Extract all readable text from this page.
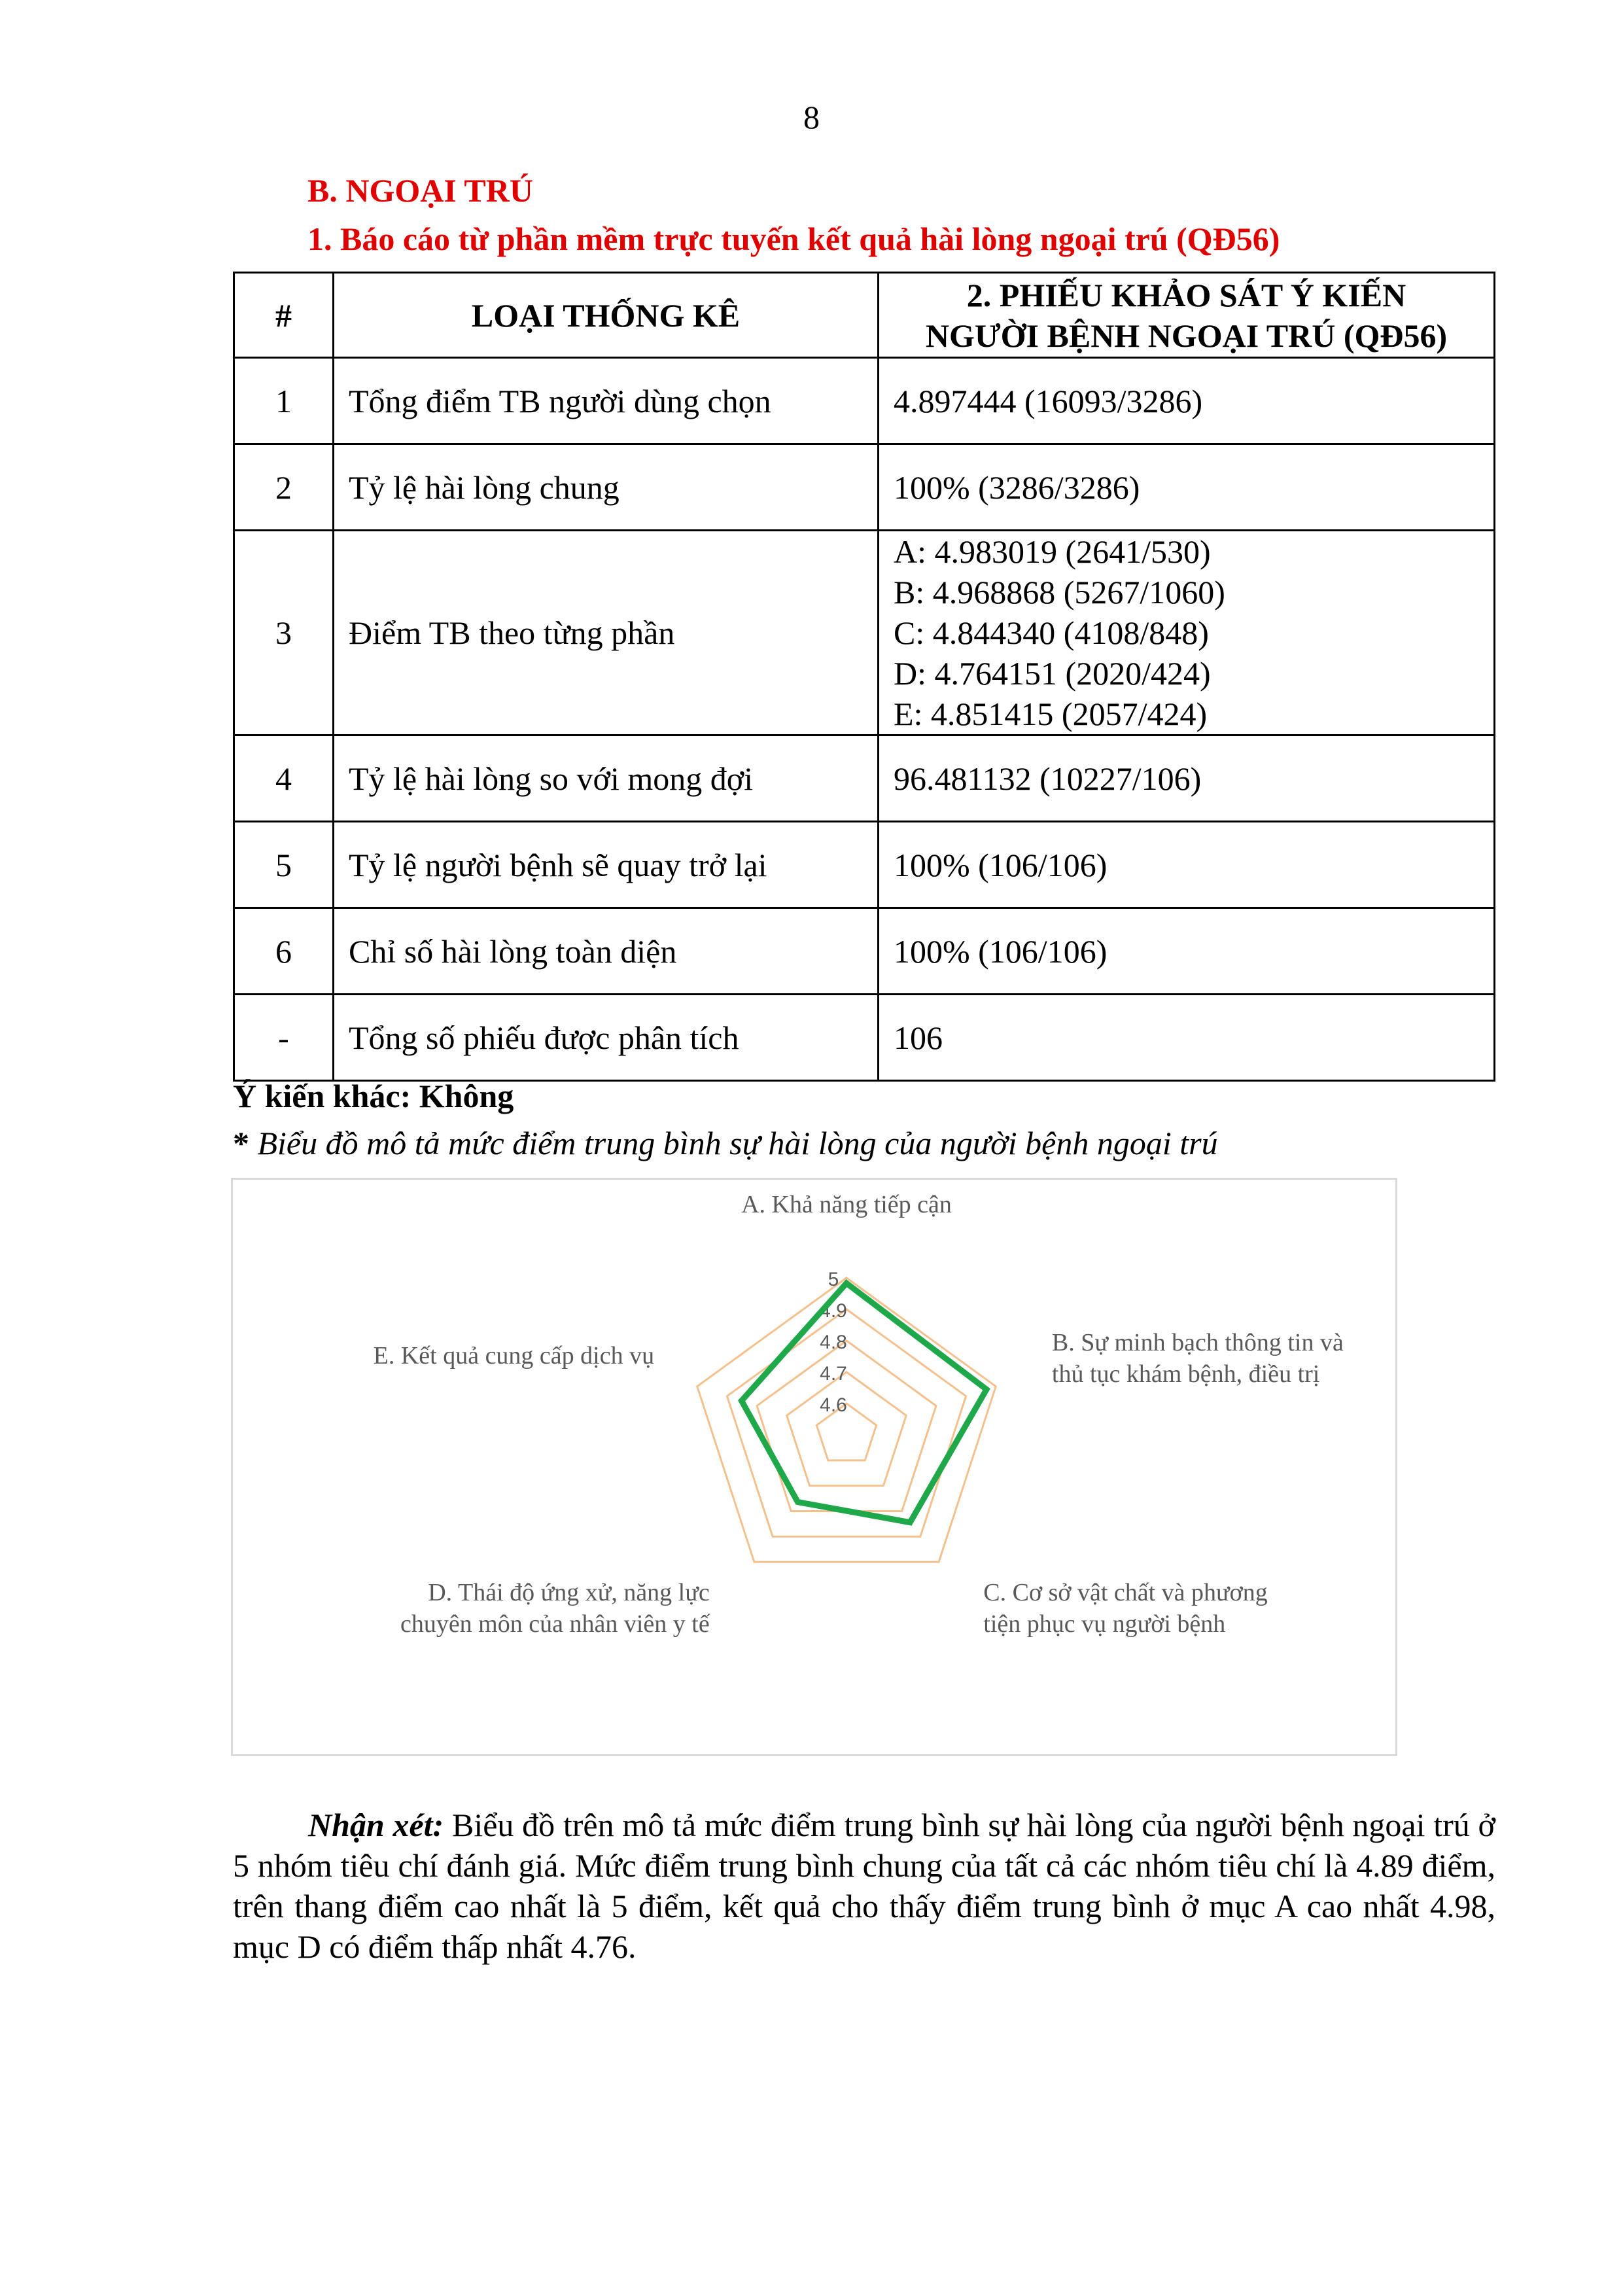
8
B. NGOẠI TRÚ
1. Báo cáo từ phần mềm trực tuyến kết quả hài lòng ngoại trú (QĐ56)
#	LOẠI THỐNG KÊ	2. PHIẾU KHẢO SÁT Ý KIẾN
NGƯỜI BỆNH NGOẠI TRÚ (QĐ56)

1	Tổng điểm TB người dùng chọn	4.897444 (16093/3286)
2	Tỷ lệ hài lòng chung	100% (3286/3286)
3	Điểm TB theo từng phần	A: 4.983019 (2641/530)
B: 4.968868 (5267/1060)
C: 4.844340 (4108/848)
D: 4.764151 (2020/424)
E: 4.851415 (2057/424)

4	Tỷ lệ hài lòng so với mong đợi	96.481132 (10227/106)
5	Tỷ lệ người bệnh sẽ quay trở lại	100% (106/106)
6	Chỉ số hài lòng toàn diện	100% (106/106)
-	Tổng số phiếu được phân tích	106
Ý kiến khác: Không
* Biểu đồ mô tả mức điểm trung bình sự hài lòng của người bệnh ngoại trú
4.6
4.7
4.8
4.9
5
A. Khả năng tiếp cận
B. Sự minh bạch thông tin và thủ tục khám bệnh, điều trị
C. Cơ sở vật chất và phương tiện phục vụ người bệnh
D. Thái độ ứng xử, năng lực chuyên môn của nhân viên y tế
E. Kết quả cung cấp dịch vụ
Nhận xét: Biểu đồ trên mô tả mức điểm trung bình sự hài lòng của người bệnh ngoại trú ở 5 nhóm tiêu chí đánh giá. Mức điểm trung bình chung của tất cả các nhóm tiêu chí là 4.89 điểm, trên thang điểm cao nhất là 5 điểm, kết quả cho thấy điểm trung bình ở mục A cao nhất 4.98, mục D có điểm thấp nhất 4.76.
